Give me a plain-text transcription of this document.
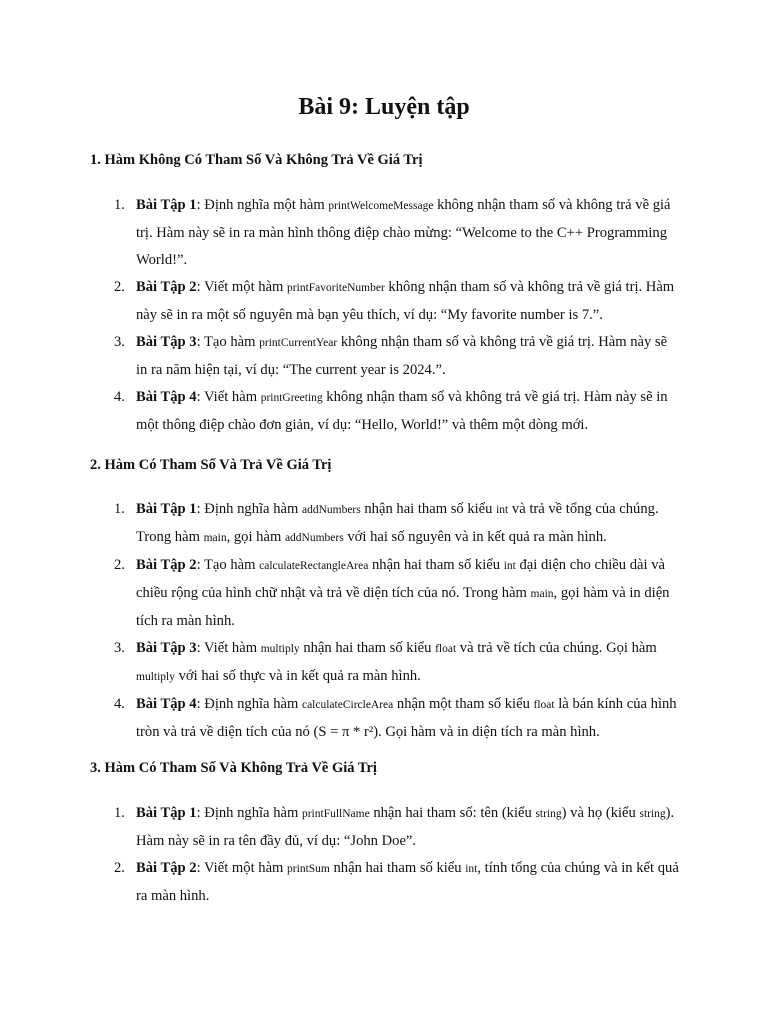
Bài 9: Luyện tập
1. Hàm Không Có Tham Số Và Không Trả Về Giá Trị
1. Bài Tập 1: Định nghĩa một hàm printWelcomeMessage không nhận tham số và không trả về giá trị. Hàm này sẽ in ra màn hình thông điệp chào mừng: “Welcome to the C++ Programming World!”.
2. Bài Tập 2: Viết một hàm printFavoriteNumber không nhận tham số và không trả về giá trị. Hàm này sẽ in ra một số nguyên mà bạn yêu thích, ví dụ: “My favorite number is 7.”.
3. Bài Tập 3: Tạo hàm printCurrentYear không nhận tham số và không trả về giá trị. Hàm này sẽ in ra năm hiện tại, ví dụ: “The current year is 2024.”.
4. Bài Tập 4: Viết hàm printGreeting không nhận tham số và không trả về giá trị. Hàm này sẽ in một thông điệp chào đơn giản, ví dụ: “Hello, World!” và thêm một dòng mới.
2. Hàm Có Tham Số Và Trả Về Giá Trị
1. Bài Tập 1: Định nghĩa hàm addNumbers nhận hai tham số kiểu int và trả về tổng của chúng. Trong hàm main, gọi hàm addNumbers với hai số nguyên và in kết quả ra màn hình.
2. Bài Tập 2: Tạo hàm calculateRectangleArea nhận hai tham số kiểu int đại diện cho chiều dài và chiều rộng của hình chữ nhật và trả về diện tích của nó. Trong hàm main, gọi hàm và in diện tích ra màn hình.
3. Bài Tập 3: Viết hàm multiply nhận hai tham số kiểu float và trả về tích của chúng. Gọi hàm multiply với hai số thực và in kết quả ra màn hình.
4. Bài Tập 4: Định nghĩa hàm calculateCircleArea nhận một tham số kiểu float là bán kính của hình tròn và trả về diện tích của nó (S = π * r²). Gọi hàm và in diện tích ra màn hình.
3. Hàm Có Tham Số Và Không Trả Về Giá Trị
1. Bài Tập 1: Định nghĩa hàm printFullName nhận hai tham số: tên (kiểu string) và họ (kiểu string). Hàm này sẽ in ra tên đầy đủ, ví dụ: “John Doe”.
2. Bài Tập 2: Viết một hàm printSum nhận hai tham số kiểu int, tính tổng của chúng và in kết quả ra màn hình.
